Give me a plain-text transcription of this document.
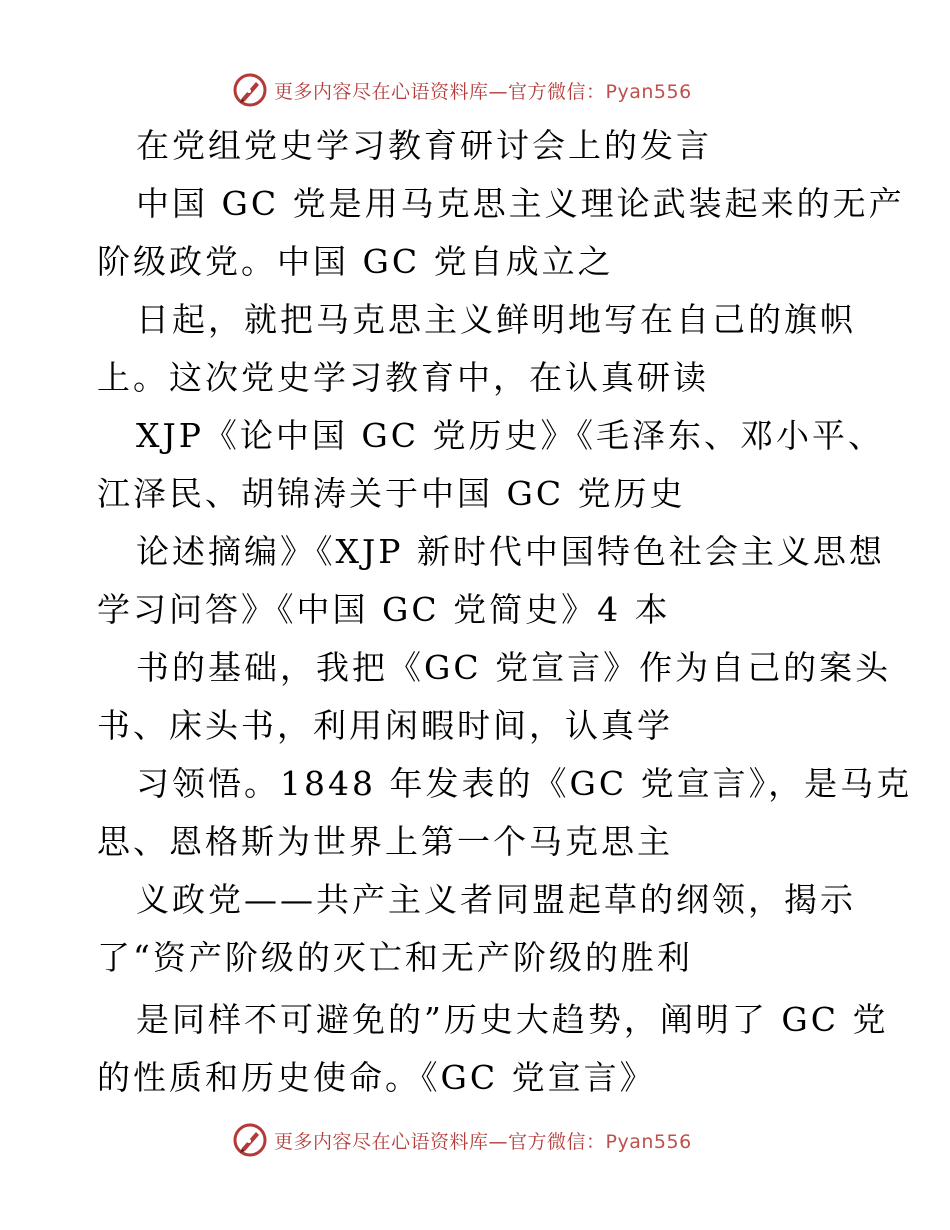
更多内容尽在心语资料库—官方微信：Pyan556
在党组党史学习教育研讨会上的发言
中国 GC 党是用马克思主义理论武装起来的无产
阶级政党。中国 GC 党自成立之
日起，就把马克思主义鲜明地写在自己的旗帜
上。这次党史学习教育中，在认真研读
XJP《论中国 GC 党历史》《毛泽东、邓小平、
江泽民、胡锦涛关于中国 GC 党历史
论述摘编》《XJP 新时代中国特色社会主义思想
学习问答》《中国 GC 党简史》4 本
书的基础，我把《GC 党宣言》作为自己的案头
书、床头书，利用闲暇时间，认真学
习领悟。1848 年发表的《GC 党宣言》，是马克
思、恩格斯为世界上第一个马克思主
义政党——共产主义者同盟起草的纲领，揭示
了“资产阶级的灭亡和无产阶级的胜利
是同样不可避免的”历史大趋势，阐明了 GC 党
的性质和历史使命。《GC 党宣言》
更多内容尽在心语资料库—官方微信：Pyan556
